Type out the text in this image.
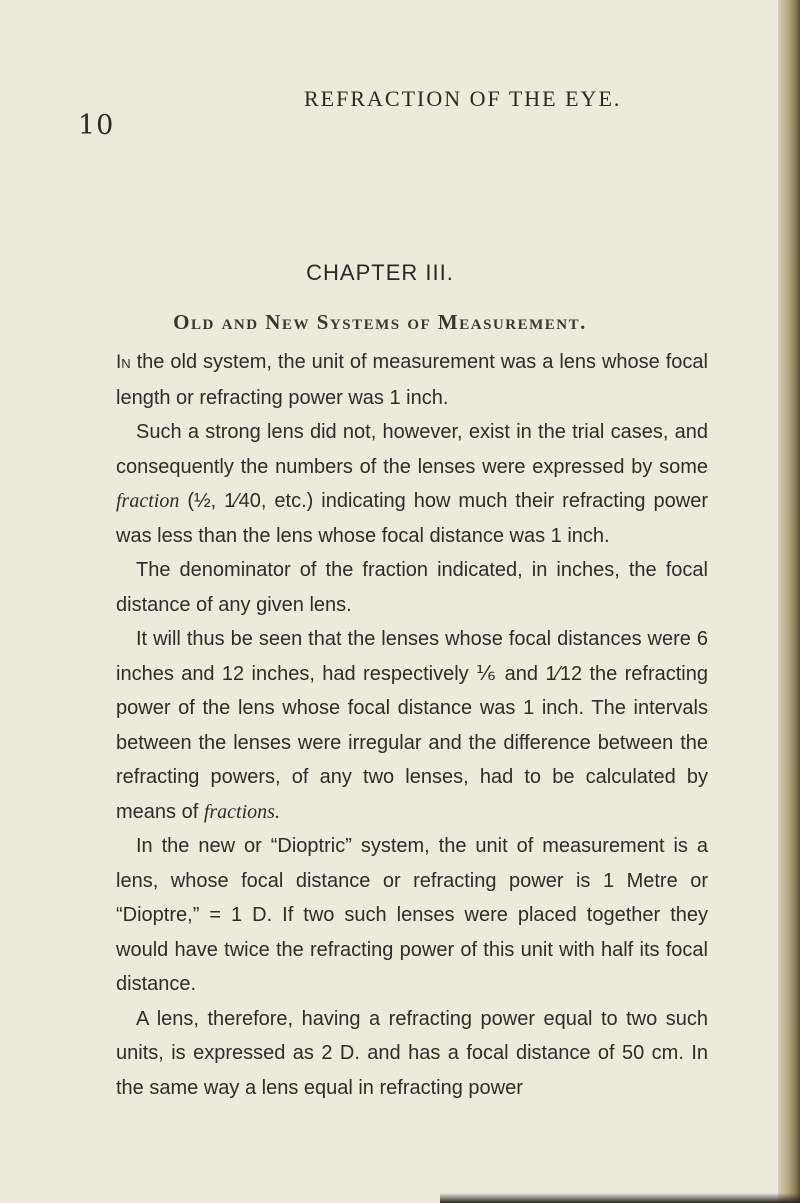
10
REFRACTION OF THE EYE.
CHAPTER III.
Old and New Systems of Measurement.

In the old system, the unit of measurement was a lens whose focal length or refracting power was 1 inch.

Such a strong lens did not, however, exist in the trial cases, and consequently the numbers of the lenses were expressed by some fraction (½, 1⁄40, etc.) indicating how much their refracting power was less than the lens whose focal distance was 1 inch.

The denominator of the fraction indicated, in inches, the focal distance of any given lens.

It will thus be seen that the lenses whose focal distances were 6 inches and 12 inches, had respectively ⅙ and 1⁄12 the refracting power of the lens whose focal distance was 1 inch. The intervals between the lenses were irregular and the difference between the refracting powers, of any two lenses, had to be calculated by means of fractions.

In the new or “Dioptric” system, the unit of measurement is a lens, whose focal distance or refracting power is 1 Metre or “Dioptre,” = 1 D. If two such lenses were placed together they would have twice the refracting power of this unit with half its focal distance.

A lens, therefore, having a refracting power equal to two such units, is expressed as 2 D. and has a focal distance of 50 cm. In the same way a lens equal in refracting power
